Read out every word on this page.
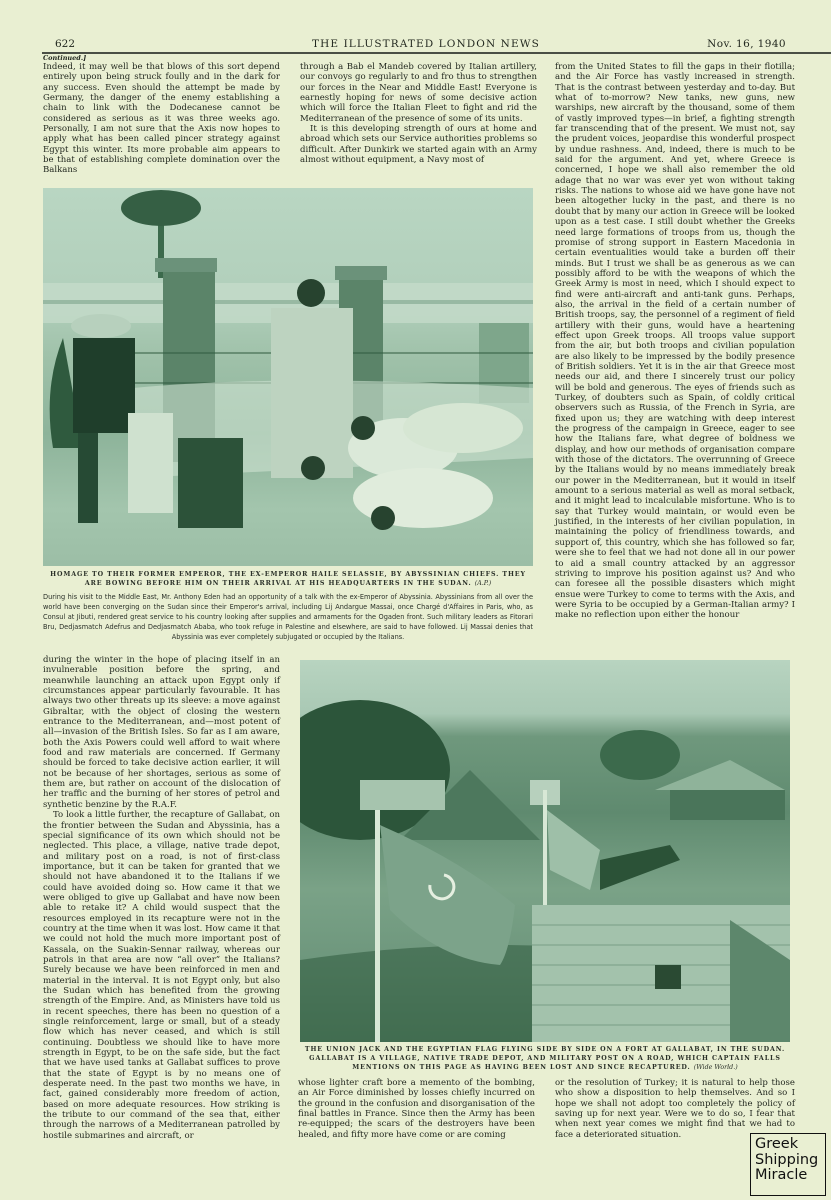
622	THE ILLUSTRATED LONDON NEWS	Nov. 16, 1940
Continued.]

Indeed, it may well be that blows of this sort depend entirely upon being struck foully and in the dark for any success. Even should the attempt be made by Germany, the danger of the enemy establishing a chain to link with the Dodecanese cannot be considered as serious as it was three weeks ago. Personally, I am not sure that the Axis now hopes to apply what has been called pincer strategy against Egypt this winter. Its more probable aim appears to be that of establishing complete domination over the Balkans

through a Bab el Mandeb covered by Italian artillery, our convoys go regularly to and fro thus to strengthen our forces in the Near and Middle East! Everyone is earnestly hoping for news of some decisive action which will force the Italian Fleet to fight and rid the Mediterranean of the presence of some of its units.

It is this developing strength of ours at home and abroad which sets our Service authorities problems so difficult. After Dunkirk we started again with an Army almost without equipment, a Navy most of

from the United States to fill the gaps in their flotilla; and the Air Force has vastly increased in strength. That is the contrast between yesterday and to-day. But what of to-morrow? New tanks, new guns, new warships, new aircraft by the thousand, some of them of vastly improved types—in brief, a fighting strength far transcending that of the present. We must not, say the prudent voices, jeopardise this wonderful prospect by undue rashness. And, indeed, there is much to be said for the argument. And yet, where Greece is concerned, I hope we shall also remember the old adage that no war was ever yet won without taking risks. The nations to whose aid we have gone have not been altogether lucky in the past, and there is no doubt that by many our action in Greece will be looked upon as a test case. I still doubt whether the Greeks need large formations of troops from us, though the promise of strong support in Eastern Macedonia in certain eventualities would take a burden off their minds. But I trust we shall be as generous as we can possibly afford to be with the weapons of which the Greek Army is most in need, which I should expect to find were anti-aircraft and anti-tank guns. Perhaps, also, the arrival in the field of a certain number of British troops, say, the personnel of a regiment of field artillery with their guns, would have a heartening effect upon Greek troops. All troops value support from the air, but both troops and civilian population are also likely to be impressed by the bodily presence of British soldiers. Yet it is in the air that Greece most needs our aid, and there I sincerely trust our policy will be bold and generous. The eyes of friends such as Turkey, of doubters such as Spain, of coldly critical observers such as Russia, of the French in Syria, are fixed upon us; they are watching with deep interest the progress of the campaign in Greece, eager to see how the Italians fare, what degree of boldness we display, and how our methods of organisation compare with those of the dictators. The overrunning of Greece by the Italians would by no means immediately break our power in the Mediterranean, but it would in itself amount to a serious material as well as moral setback, and it might lead to incalculable misfortune. Who is to say that Turkey would maintain, or would even be justified, in the interests of her civilian population, in maintaining the policy of friendliness towards, and support of, this country, which she has followed so far, were she to feel that we had not done all in our power to aid a small country attacked by an aggressor striving to improve his position against us? And who can foresee all the possible disasters which might ensue were Turkey to come to terms with the Axis, and were Syria to be occupied by a German-Italian army? I make no reflection upon either the honour

HOMAGE TO THEIR FORMER EMPEROR, THE EX-EMPEROR HAILE SELASSIE, BY ABYSSINIAN CHIEFS. THEY ARE BOWING BEFORE HIM ON THEIR ARRIVAL AT HIS HEADQUARTERS IN THE SUDAN. (A.P.)
During his visit to the Middle East, Mr. Anthony Eden had an opportunity of a talk with the ex-Emperor of Abyssinia. Abyssinians from all over the world have been converging on the Sudan since their Emperor's arrival, including Lij Andargue Massai, once Chargé d'Affaires in Paris, who, as Consul at Jibuti, rendered great service to his country looking after supplies and armaments for the Ogaden front. Such military leaders as Fitorari Bru, Dedjasmatch Adefrus and Dedjasmatch Ababa, who took refuge in Palestine and elsewhere, are said to have followed. Lij Massai denies that Abyssinia was ever completely subjugated or occupied by the Italians.

during the winter in the hope of placing itself in an invulnerable position before the spring, and meanwhile launching an attack upon Egypt only if circumstances appear particularly favourable. It has always two other threats up its sleeve: a move against Gibraltar, with the object of closing the western entrance to the Mediterranean, and—most potent of all—invasion of the British Isles. So far as I am aware, both the Axis Powers could well afford to wait where food and raw materials are concerned. If Germany should be forced to take decisive action earlier, it will not be because of her shortages, serious as some of them are, but rather on account of the dislocation of her traffic and the burning of her stores of petrol and synthetic benzine by the R.A.F.

To look a little further, the recapture of Gallabat, on the frontier between the Sudan and Abyssinia, has a special significance of its own which should not be neglected. This place, a village, native trade depot, and military post on a road, is not of first-class importance, but it can be taken for granted that we should not have abandoned it to the Italians if we could have avoided doing so. How came it that we were obliged to give up Gallabat and have now been able to retake it? A child would suspect that the resources employed in its recapture were not in the country at the time when it was lost. How came it that we could not hold the much more important post of Kassala, on the Suakin-Sennar railway, whereas our patrols in that area are now “all over” the Italians? Surely because we have been reinforced in men and material in the interval. It is not Egypt only, but also the Sudan which has benefited from the growing strength of the Empire. And, as Ministers have told us in recent speeches, there has been no question of a single reinforcement, large or small, but of a steady flow which has never ceased, and which is still continuing. Doubtless we should like to have more strength in Egypt, to be on the safe side, but the fact that we have used tanks at Gallabat suffices to prove that the state of Egypt is by no means one of desperate need. In the past two months we have, in fact, gained considerably more freedom of action, based on more adequate resources. How striking is the tribute to our command of the sea that, either through the narrows of a Mediterranean patrolled by hostile submarines and aircraft, or

THE UNION JACK AND THE EGYPTIAN FLAG FLYING SIDE BY SIDE ON A FORT AT GALLABAT, IN THE SUDAN. GALLABAT IS A VILLAGE, NATIVE TRADE DEPOT, AND MILITARY POST ON A ROAD, WHICH CAPTAIN FALLS MENTIONS ON THIS PAGE AS HAVING BEEN LOST AND SINCE RECAPTURED. (Wide World.)

whose lighter craft bore a memento of the bombing, an Air Force diminished by losses chiefly incurred on the ground in the confusion and disorganisation of the final battles in France. Since then the Army has been re-equipped; the scars of the destroyers have been healed, and fifty more have come or are coming

or the resolution of Turkey; it is natural to help those who show a disposition to help themselves. And so I hope we shall not adopt too completely the policy of saving up for next year. Were we to do so, I fear that when next year comes we might find that we had to face a deteriorated situation.

Greek
Shipping
Miracle
